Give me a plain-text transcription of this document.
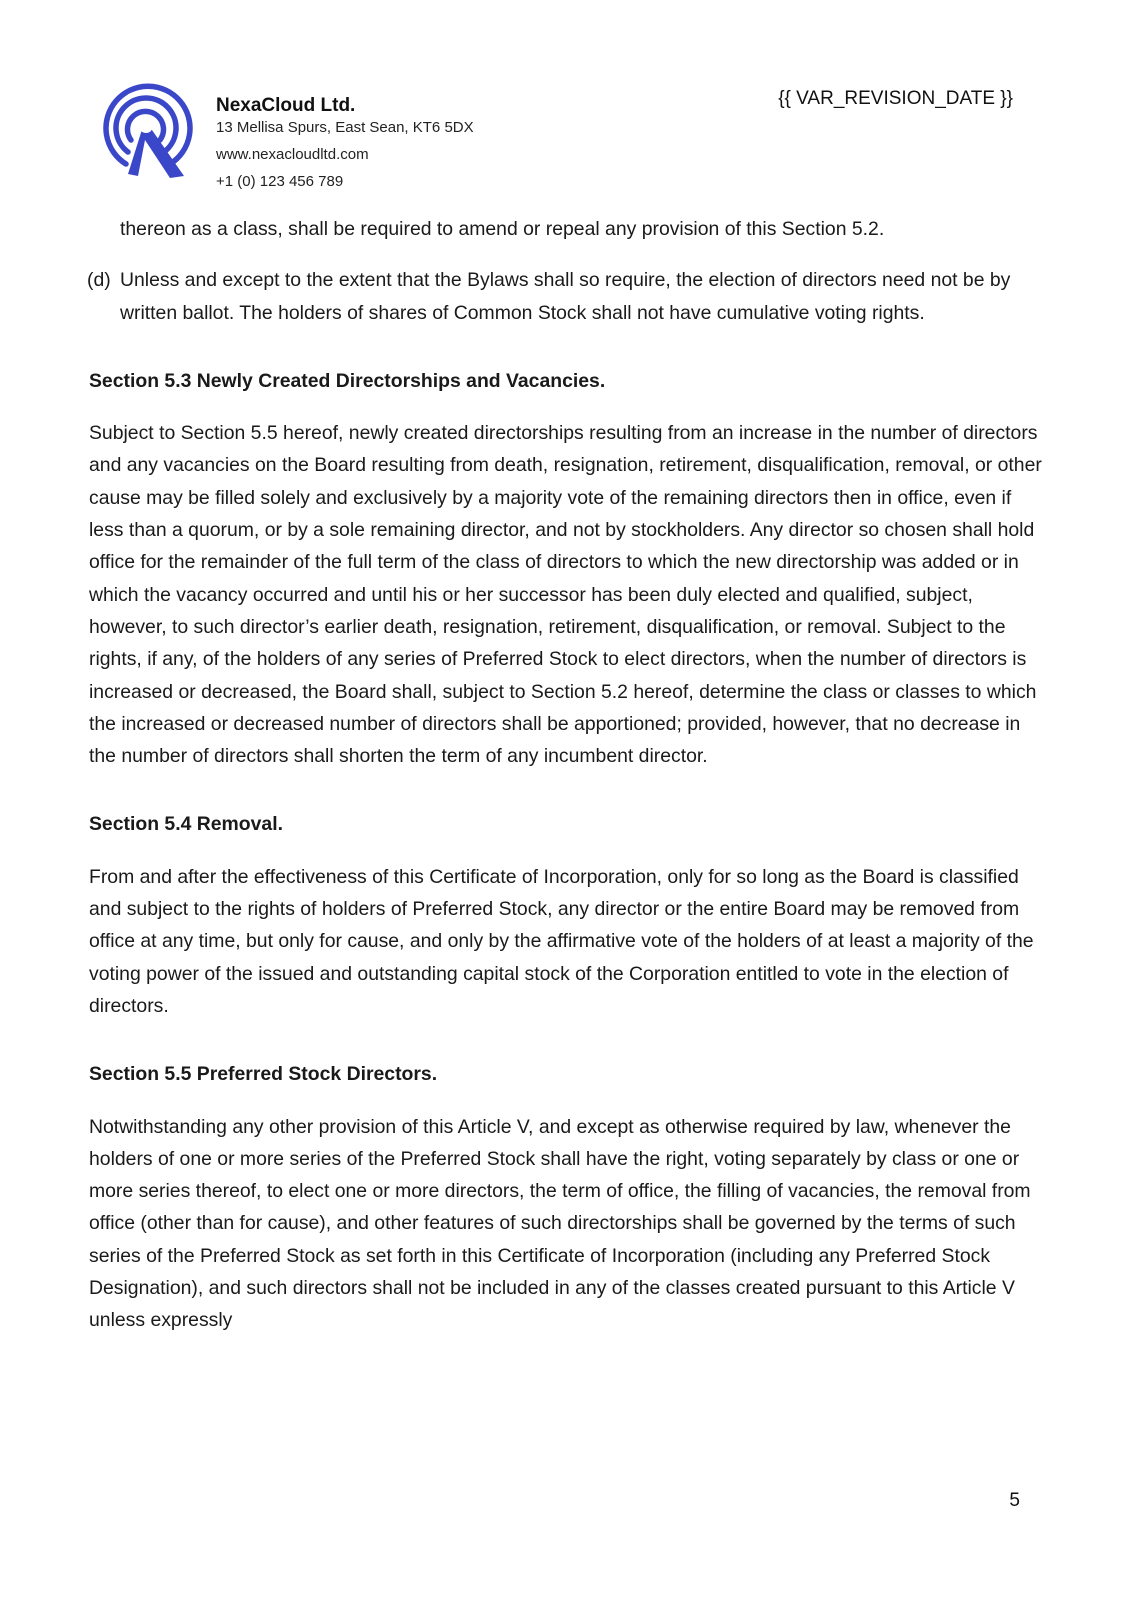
NexaCloud Ltd.
13 Mellisa Spurs, East Sean, KT6 5DX
www.nexacloudltd.com
+1 (0) 123 456 789
{{ VAR_REVISION_DATE }}

thereon as a class, shall be required to amend or repeal any provision of this Section 5.2.

(d) Unless and except to the extent that the Bylaws shall so require, the election of directors need not be by written ballot. The holders of shares of Common Stock shall not have cumulative voting rights.
Section 5.3 Newly Created Directorships and Vacancies.

Subject to Section 5.5 hereof, newly created directorships resulting from an increase in the number of directors and any vacancies on the Board resulting from death, resignation, retirement, disqualification, removal, or other cause may be filled solely and exclusively by a majority vote of the remaining directors then in office, even if less than a quorum, or by a sole remaining director, and not by stockholders. Any director so chosen shall hold office for the remainder of the full term of the class of directors to which the new directorship was added or in which the vacancy occurred and until his or her successor has been duly elected and qualified, subject, however, to such director’s earlier death, resignation, retirement, disqualification, or removal. Subject to the rights, if any, of the holders of any series of Preferred Stock to elect directors, when the number of directors is increased or decreased, the Board shall, subject to Section 5.2 hereof, determine the class or classes to which the increased or decreased number of directors shall be apportioned; provided, however, that no decrease in the number of directors shall shorten the term of any incumbent director.

Section 5.4 Removal.

From and after the effectiveness of this Certificate of Incorporation, only for so long as the Board is classified and subject to the rights of holders of Preferred Stock, any director or the entire Board may be removed from office at any time, but only for cause, and only by the affirmative vote of the holders of at least a majority of the voting power of the issued and outstanding capital stock of the Corporation entitled to vote in the election of directors.

Section 5.5 Preferred Stock Directors.

Notwithstanding any other provision of this Article V, and except as otherwise required by law, whenever the holders of one or more series of the Preferred Stock shall have the right, voting separately by class or one or more series thereof, to elect one or more directors, the term of office, the filling of vacancies, the removal from office (other than for cause), and other features of such directorships shall be governed by the terms of such series of the Preferred Stock as set forth in this Certificate of Incorporation (including any Preferred Stock Designation), and such directors shall not be included in any of the classes created pursuant to this Article V unless expressly

5
